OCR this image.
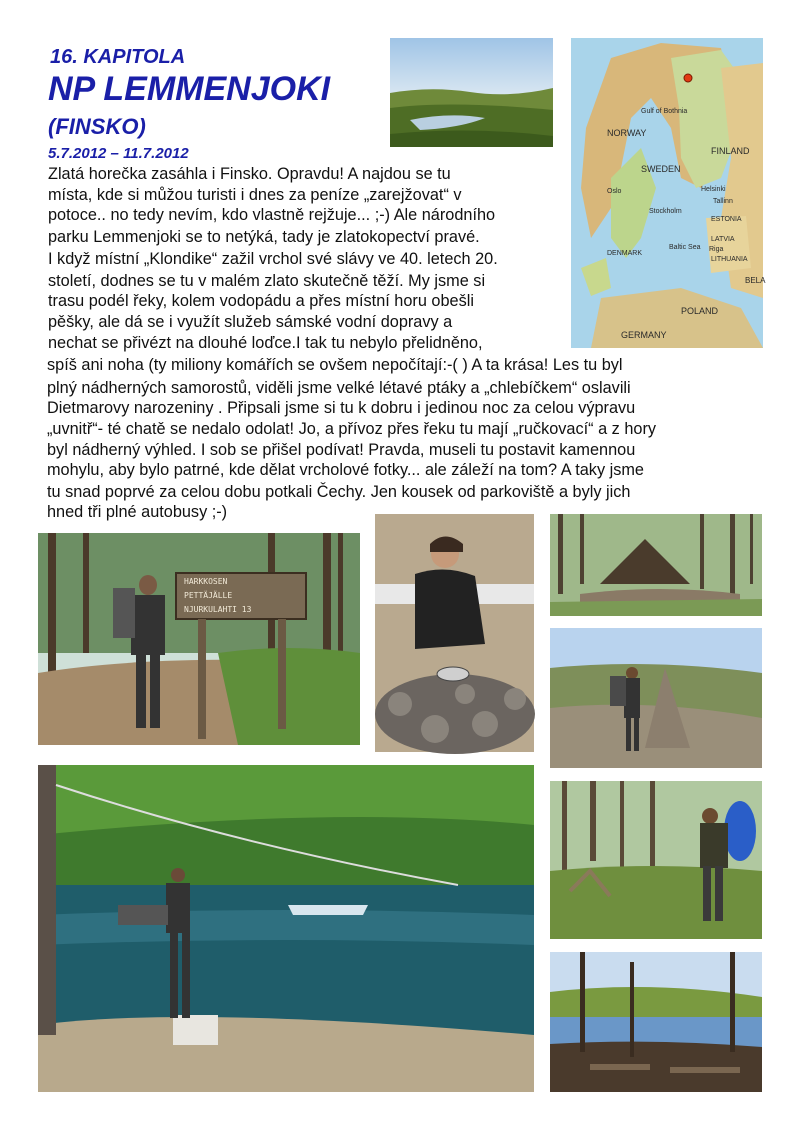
16. KAPITOLA
NP LEMMENJOKI
(FINSKO)
5.7.2012 – 11.7.2012
Zlatá horečka zasáhla i Finsko. Opravdu! A najdou se tu
místa, kde si můžou turisti i dnes za peníze „zarejžovat“ v
potoce.. no tedy nevím, kdo vlastně rejžuje... ;-) Ale národního
parku Lemmenjoki se to netýká, tady je zlatokopectví pravé.
I když místní „Klondike“ zažil vrchol své slávy ve 40. letech 20.
století, dodnes se tu v malém zlato skutečně těží. My jsme si
trasu podél řeky, kolem vodopádu a přes místní horu obešli
pěšky, ale dá se i využít služeb sámské vodní dopravy a
nechat se přivézt na dlouhé loďce.I tak tu nebylo přelidněno,
spíš ani noha (ty miliony komářích se ovšem nepočítají:-( ) A ta krása! Les tu byl
plný nádherných samorostů, viděli jsme velké létavé ptáky a „chlebíčkem“ oslavili
Dietmarovy narozeniny . Připsali jsme si tu k dobru i jedinou noc za celou výpravu
„uvnitř“- té chatě se nedalo odolat! Jo, a přívoz přes řeku tu mají „ručkovací“ a z hory
byl nádherný výhled. I sob se přišel podívat! Pravda, museli tu postavit kamennou
mohylu, aby bylo patrné, kde dělat vrcholové fotky... ale záleží na tom? A taky jsme
tu snad poprvé za celou dobu potkali Čechy. Jen kousek od parkoviště a byly jich
hned tři plné autobusy ;-)
NORWAY
FINLAND
SWEDEN
ESTONIA
LATVIA
LITHUANIA
DENMARK
GERMANY
POLAND
BELA
Gulf of Bothnia
Helsinki
Stockholm
Oslo
Tallinn
Riga
Baltic Sea
HARKKOSEN
PETTÄJÄLLE
NJURKULAHTI 13
